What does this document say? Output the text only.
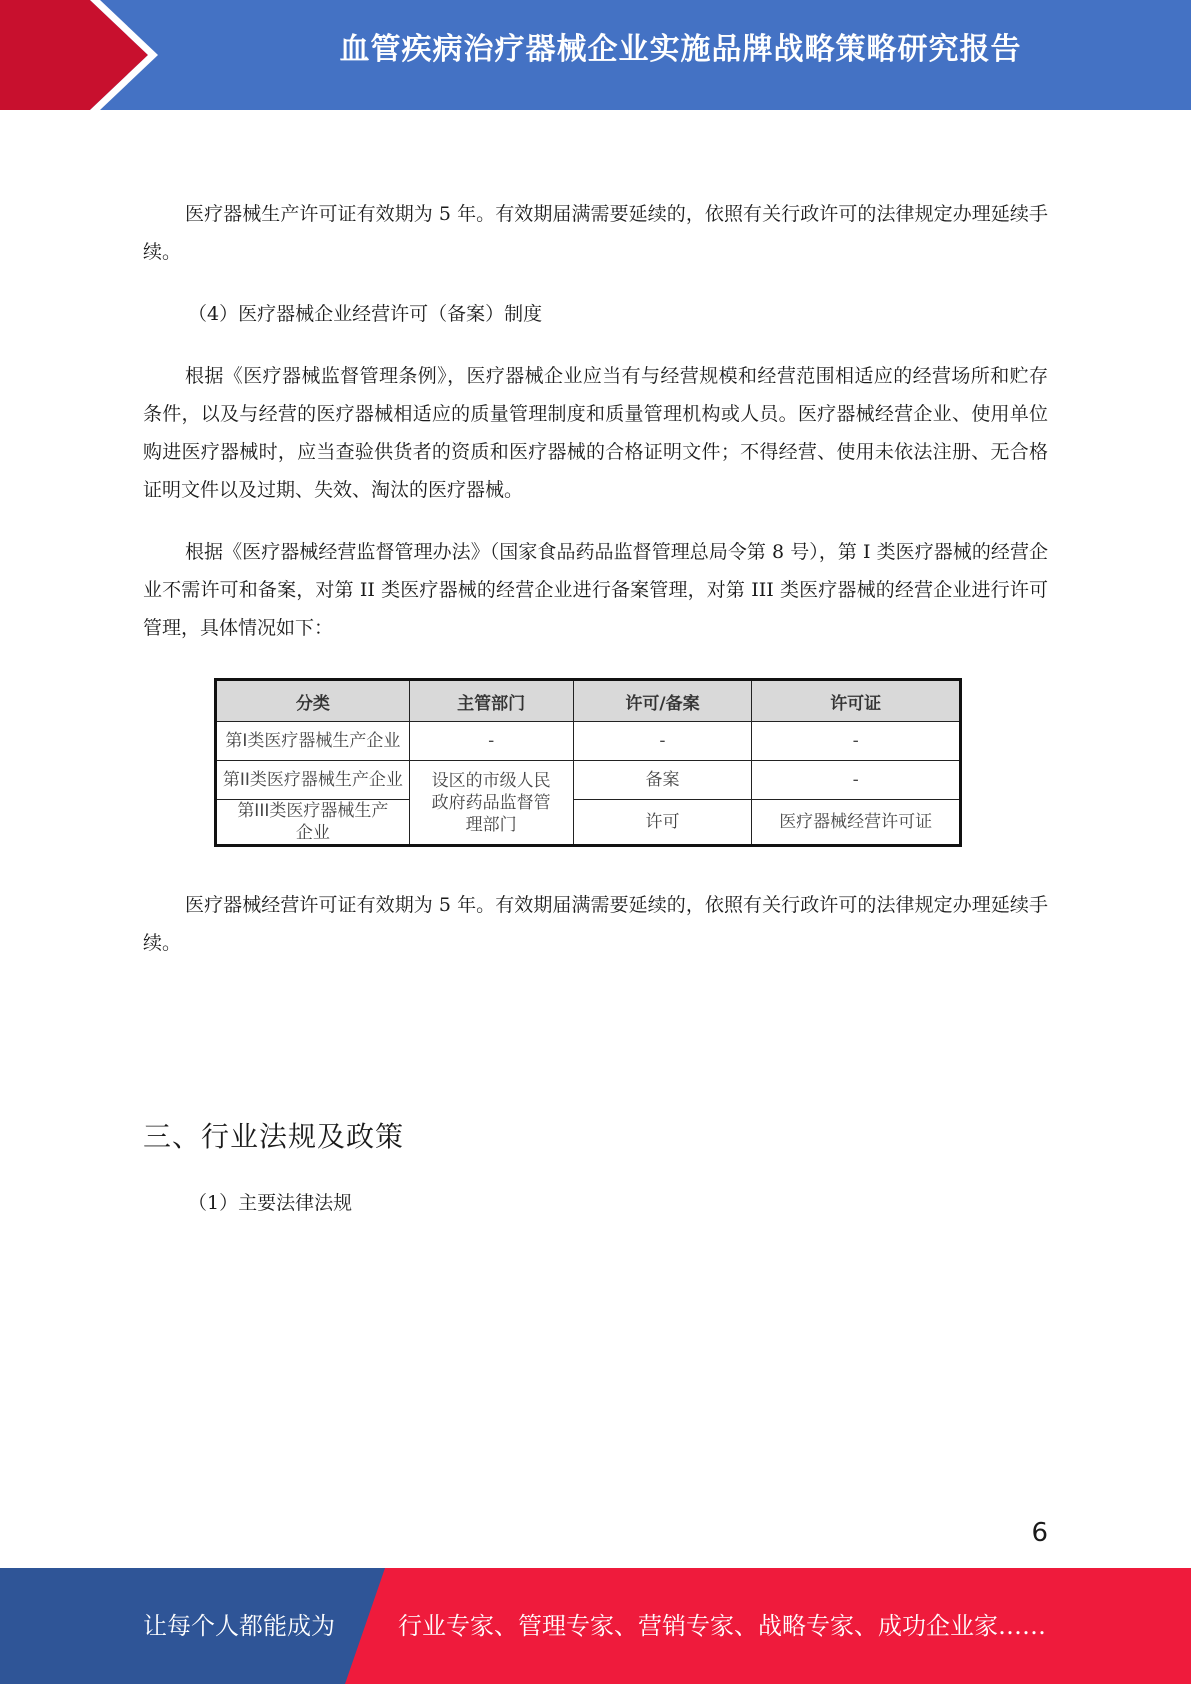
血管疾病治疗器械企业实施品牌战略策略研究报告

医疗器械生产许可证有效期为 5 年。有效期届满需要延续的，依照有关行政许可的法律规定办理延续手续。

（4）医疗器械企业经营许可（备案）制度

根据《医疗器械监督管理条例》，医疗器械企业应当有与经营规模和经营范围相适应的经营场所和贮存条件，以及与经营的医疗器械相适应的质量管理制度和质量管理机构或人员。医疗器械经营企业、使用单位购进医疗器械时，应当查验供货者的资质和医疗器械的合格证明文件；不得经营、使用未依法注册、无合格证明文件以及过期、失效、淘汰的医疗器械。

根据《医疗器械经营监督管理办法》（国家食品药品监督管理总局令第 8 号），第 I 类医疗器械的经营企业不需许可和备案，对第 II 类医疗器械的经营企业进行备案管理，对第 III 类医疗器械的经营企业进行许可管理，具体情况如下：

分类	主管部门	许可/备案	许可证
第I类医疗器械生产企业	-	-	-
第II类医疗器械生产企业	设区的市级人民政府药品监督管理部门	备案	-
第III类医疗器械生产企业		许可	医疗器械经营许可证

医疗器械经营许可证有效期为 5 年。有效期届满需要延续的，依照有关行政许可的法律规定办理延续手续。

三、行业法规及政策

（1）主要法律法规

6
让每个人都能成为	行业专家、管理专家、营销专家、战略专家、成功企业家……
